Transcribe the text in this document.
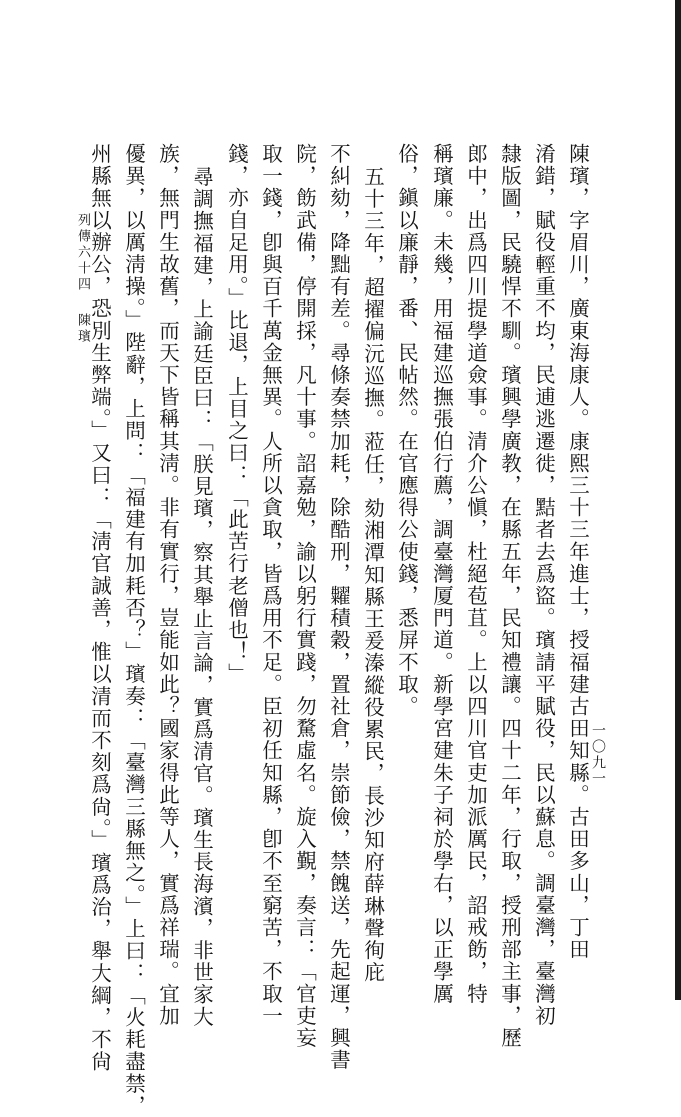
陳璸，字眉川，廣東海康人。康熙三十三年進士，授福建古田知縣。古田多山，丁田
淆錯，賦役輕重不均，民逋逃遷徙，黠者去爲盜。璸請平賦役，民以蘇息。調臺灣，臺灣初
隸版圖，民驍悍不馴。璸興學廣教，在縣五年，民知禮讓。四十二年，行取，授刑部主事，歷
郎中，出爲四川提學道僉事。清介公愼，杜絕苞苴。上以四川官吏加派厲民，詔戒飭，特
稱璸廉。未幾，用福建巡撫張伯行薦，調臺灣厦門道。新學宮建朱子祠於學右，以正學厲
俗，鎭以廉靜，番、民帖然。在官應得公使錢，悉屏不取。
五十三年，超擢偏沅巡撫。蒞任，劾湘潭知縣王爰溱縱役累民，長沙知府薛琳聲徇庇
不糾劾，降黜有差。尋條奏禁加耗，除酷刑，糶積穀，置社倉，崇節儉，禁餽送，先起運，興書
院，飭武備，停開採，凡十事。詔嘉勉，諭以躬行實踐，勿騖虛名。旋入覲，奏言：「官吏妄
取一錢，卽與百千萬金無異。人所以貪取，皆爲用不足。臣初任知縣，卽不至窮苦，不取一
錢，亦自足用。」比退，上目之曰：「此苦行老僧也！」
尋調撫福建，上諭廷臣曰：「朕見璸，察其舉止言論，實爲清官。璸生長海濱，非世家大
族，無門生故舊，而天下皆稱其淸。非有實行，豈能如此？國家得此等人，實爲祥瑞。宜加
優異，以厲淸操。」陛辭，上問：「福建有加耗否？」璸奏：「臺灣三縣無之。」上曰：「火耗盡禁，
州縣無以辦公，恐別生弊端。」又曰：「淸官誠善，惟以清而不刻爲尙。」璸爲治，舉大綱，不尙
列傳六十四陳璸
一〇九一
